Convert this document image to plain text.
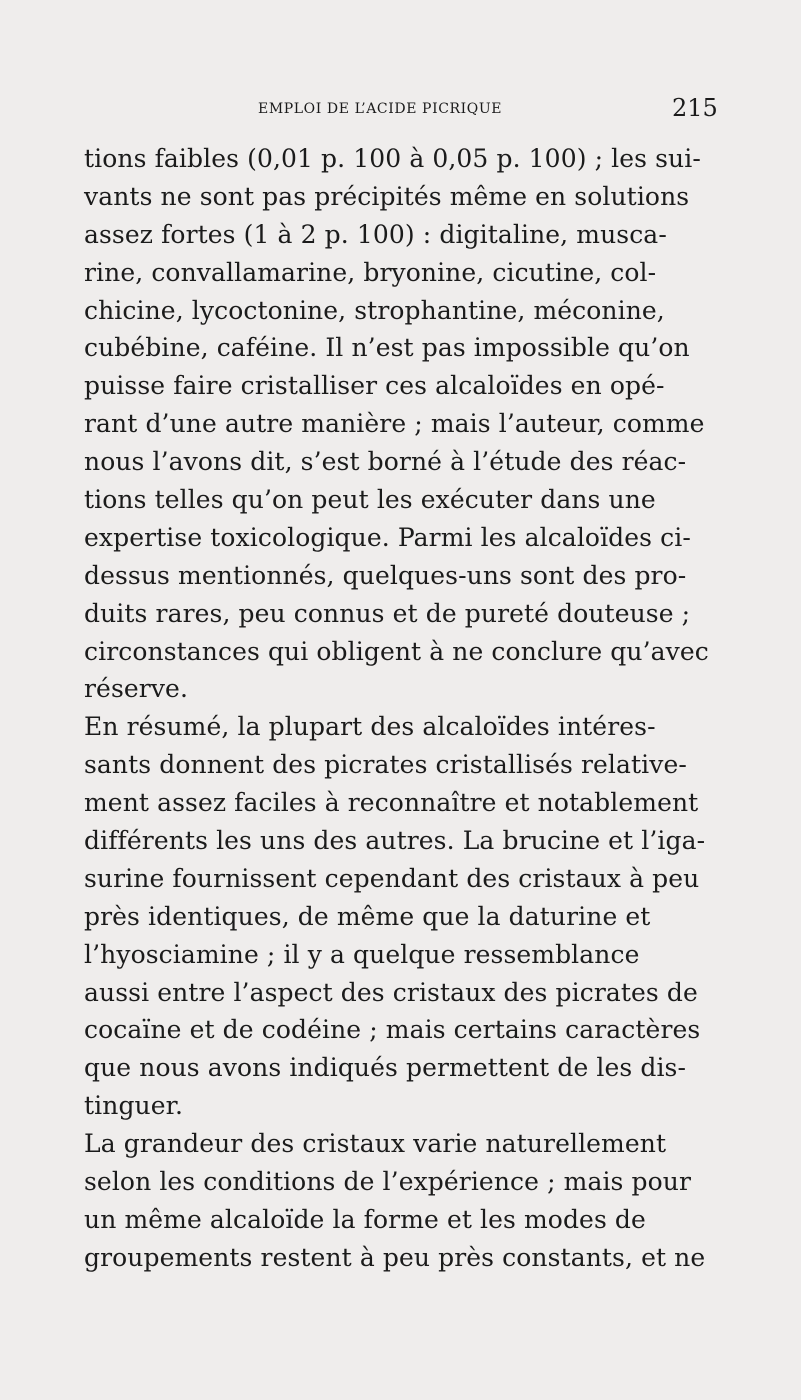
EMPLOI DE L’ACIDE PICRIQUE	215
tions faibles (0,01 p. 100 à 0,05 p. 100) ; les sui-
vants ne sont pas précipités même en solutions
assez fortes (1 à 2 p. 100) : digitaline, musca-
rine, convallamarine, bryonine, cicutine, col-
chicine, lycoctonine, strophantine, méconine,
cubébine, caféine. Il n’est pas impossible qu’on
puisse faire cristalliser ces alcaloïdes en opé-
rant d’une autre manière ; mais l’auteur, comme
nous l’avons dit, s’est borné à l’étude des réac-
tions telles qu’on peut les exécuter dans une
expertise toxicologique. Parmi les alcaloïdes ci-
dessus mentionnés, quelques-uns sont des pro-
duits rares, peu connus et de pureté douteuse ;
circonstances qui obligent à ne conclure qu’avec
réserve.
En résumé, la plupart des alcaloïdes intéres-
sants donnent des picrates cristallisés relative-
ment assez faciles à reconnaître et notablement
différents les uns des autres. La brucine et l’iga-
surine fournissent cependant des cristaux à peu
près identiques, de même que la daturine et
l’hyosciamine ; il y a quelque ressemblance
aussi entre l’aspect des cristaux des picrates de
cocaïne et de codéine ; mais certains caractères
que nous avons indiqués permettent de les dis-
tinguer.
La grandeur des cristaux varie naturellement
selon les conditions de l’expérience ; mais pour
un même alcaloïde la forme et les modes de
groupements restent à peu près constants, et ne
